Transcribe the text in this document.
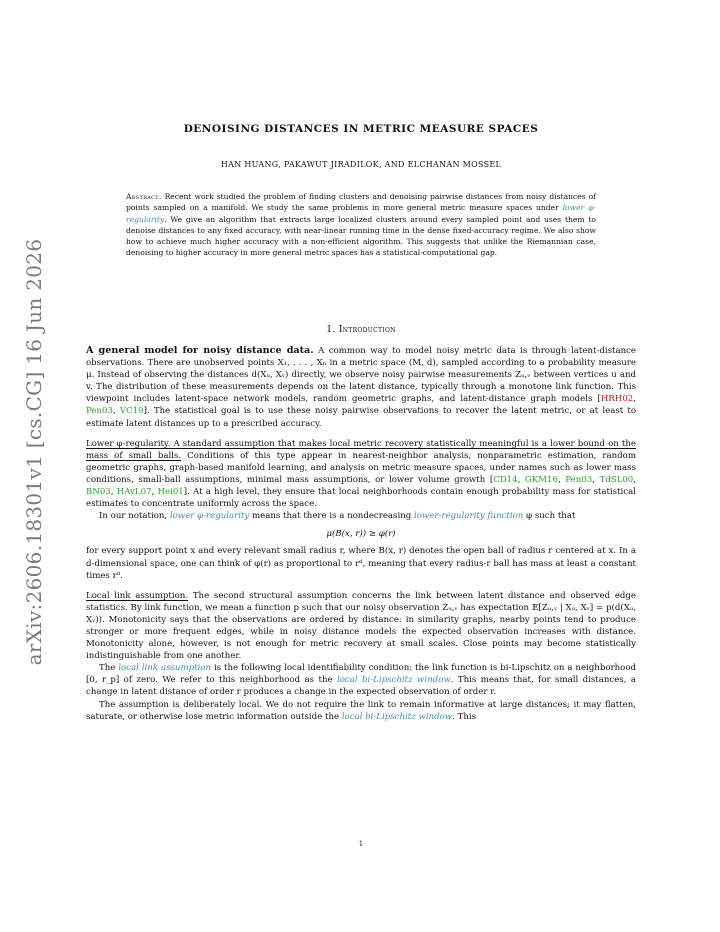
arXiv:2606.18301v1 [cs.CG] 16 Jun 2026
DENOISING DISTANCES IN METRIC MEASURE SPACES
HAN HUANG, PAKAWUT JIRADILOK, AND ELCHANAN MOSSEL
Abstract. Recent work studied the problem of finding clusters and denoising pairwise distances from noisy distances of points sampled on a manifold. We study the same problems in more general metric measure spaces under lower φ-regularity. We give an algorithm that extracts large localized clusters around every sampled point and uses them to denoise distances to any fixed accuracy, with near-linear running time in the dense fixed-accuracy regime. We also show how to achieve much higher accuracy with a non-efficient algorithm. This suggests that unlike the Riemannian case, denoising to higher accuracy in more general metric spaces has a statistical-computational gap.
1. Introduction

A general model for noisy distance data. A common way to model noisy metric data is through latent-distance observations. There are unobserved points X₁, . . . , Xₙ in a metric space (M, d), sampled according to a probability measure μ. Instead of observing the distances d(Xᵤ, Xᵥ) directly, we observe noisy pairwise measurements Zᵤ,ᵥ between vertices u and v. The distribution of these measurements depends on the latent distance, typically through a monotone link function. This viewpoint includes latent-space network models, random geometric graphs, and latent-distance graph models [HRH02, Pen03, VC19]. The statistical goal is to use these noisy pairwise observations to recover the latent metric, or at least to estimate latent distances up to a prescribed accuracy.

Lower φ-regularity. A standard assumption that makes local metric recovery statistically meaningful is a lower bound on the mass of small balls. Conditions of this type appear in nearest-neighbor analysis, nonparametric estimation, random geometric graphs, graph-based manifold learning, and analysis on metric measure spaces, under names such as lower mass conditions, small-ball assumptions, minimal mass assumptions, or lower volume growth [CD14, GKM16, Pen03, TdSL00, BN03, HAvL07, Hei01]. At a high level, they ensure that local neighborhoods contain enough probability mass for statistical estimates to concentrate uniformly across the space.

In our notation, lower φ-regularity means that there is a nondecreasing lower-regularity function φ such that

μ(B(x, r)) ≥ φ(r)

for every support point x and every relevant small radius r, where B(x, r) denotes the open ball of radius r centered at x. In a d-dimensional space, one can think of φ(r) as proportional to rᵈ, meaning that every radius-r ball has mass at least a constant times rᵈ.

Local link assumption. The second structural assumption concerns the link between latent distance and observed edge statistics. By link function, we mean a function p such that our noisy observation Zᵤ,ᵥ has expectation 𝔼[Zᵤ,ᵥ | Xᵤ, Xᵥ] = p(d(Xᵤ, Xᵥ)). Monotonicity says that the observations are ordered by distance: in similarity graphs, nearby points tend to produce stronger or more frequent edges, while in noisy distance models the expected observation increases with distance. Monotonicity alone, however, is not enough for metric recovery at small scales. Close points may become statistically indistinguishable from one another.

The local link assumption is the following local identifiability condition: the link function is bi-Lipschitz on a neighborhood [0, r_p] of zero. We refer to this neighborhood as the local bi-Lipschitz window. This means that, for small distances, a change in latent distance of order r produces a change in the expected observation of order r.

The assumption is deliberately local. We do not require the link to remain informative at large distances; it may flatten, saturate, or otherwise lose metric information outside the local bi-Lipschitz window. This

1
